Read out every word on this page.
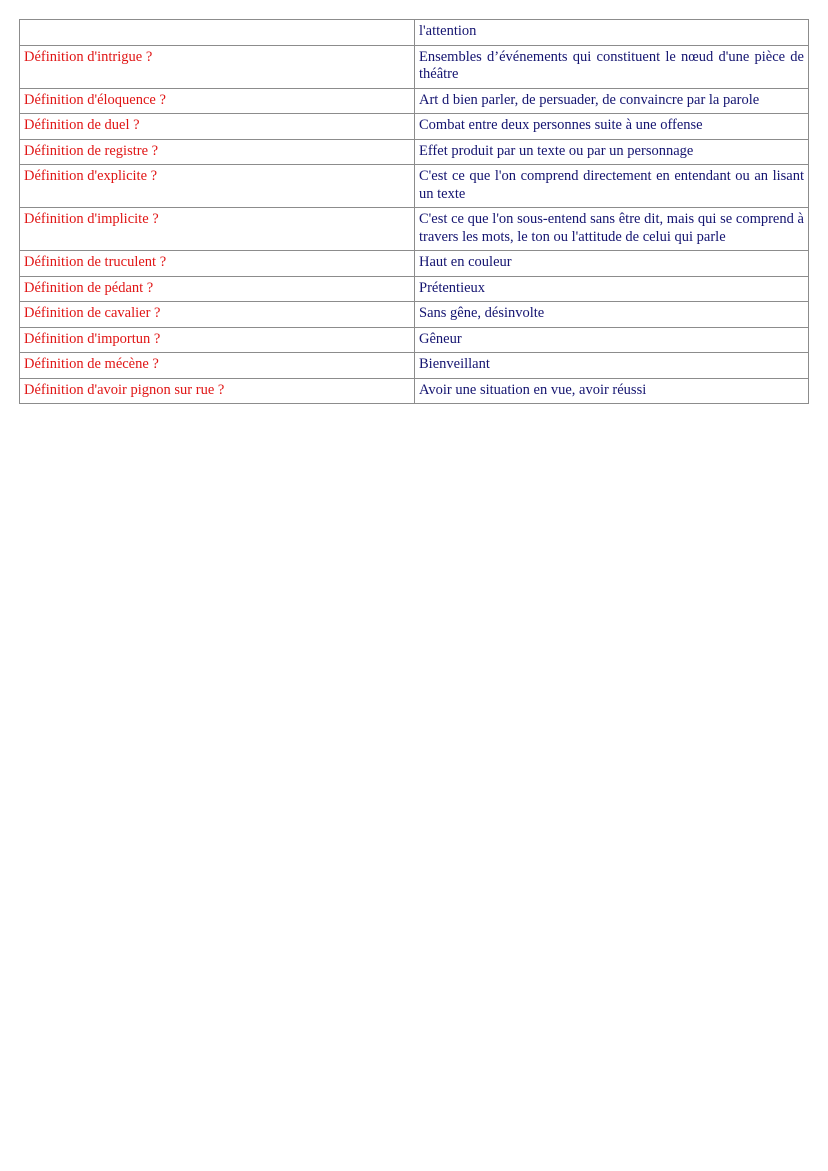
	l'attention
Définition d'intrigue ?	Ensembles d’événements qui constituent le nœud d'une pièce de théâtre
Définition d'éloquence ?	Art d bien parler, de persuader, de convaincre par la parole
Définition de duel ?	Combat entre deux personnes suite à une offense
Définition de registre ?	Effet produit par un texte ou par un personnage
Définition d'explicite ?	C'est ce que l'on comprend directement en entendant ou an lisant un texte
Définition d'implicite ?	C'est ce que l'on sous-entend sans être dit, mais qui se comprend à travers les mots, le ton ou l'attitude de celui qui parle
Définition de truculent ?	Haut en couleur
Définition de pédant ?	Prétentieux
Définition de cavalier ?	Sans gêne, désinvolte
Définition d'importun ?	Gêneur
Définition de mécène ?	Bienveillant
Définition d'avoir pignon sur rue ?	Avoir une situation en vue, avoir réussi
